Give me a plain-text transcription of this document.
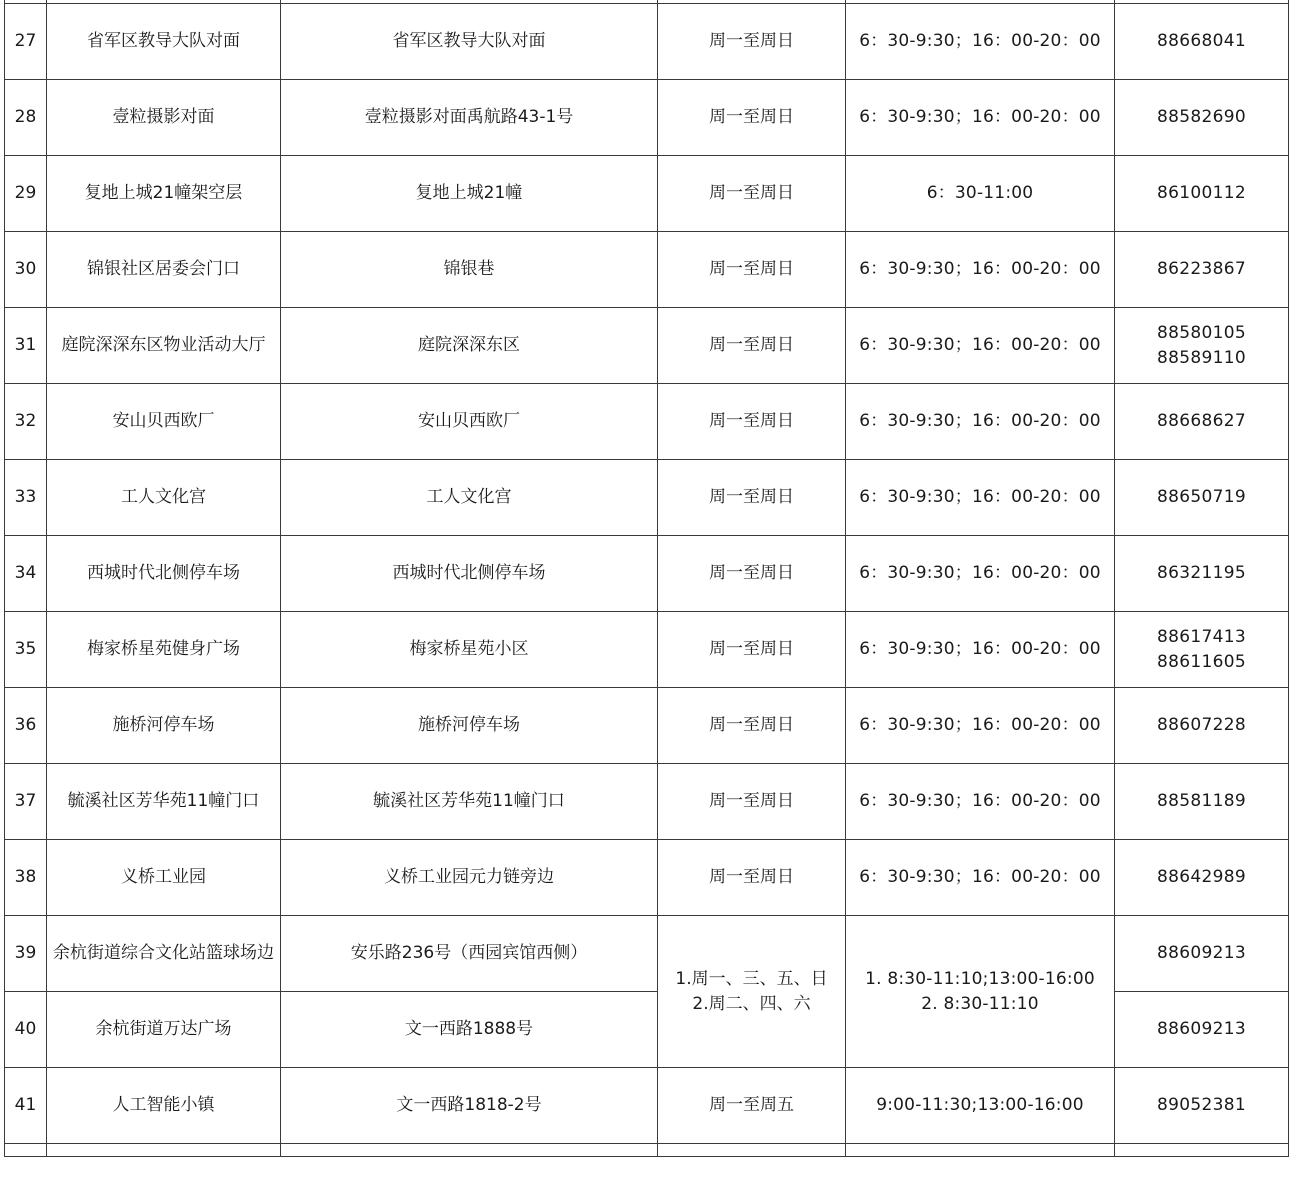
27	省军区教导大队对面	省军区教导大队对面	周一至周日	6：30-9:30；16：00-20：00	88668041

28	壹粒摄影对面	壹粒摄影对面禹航路43-1号	周一至周日	6：30-9:30；16：00-20：00	88582690

29	复地上城21幢架空层	复地上城21幢	周一至周日	6：30-11:00	86100112

30	锦银社区居委会门口	锦银巷	周一至周日	6：30-9:30；16：00-20：00	86223867

31	庭院深深东区物业活动大厅	庭院深深东区	周一至周日	6：30-9:30；16：00-20：00	88580105
88589110

32	安山贝西欧厂	安山贝西欧厂	周一至周日	6：30-9:30；16：00-20：00	88668627

33	工人文化宫	工人文化宫	周一至周日	6：30-9:30；16：00-20：00	88650719

34	西城时代北侧停车场	西城时代北侧停车场	周一至周日	6：30-9:30；16：00-20：00	86321195

35	梅家桥星苑健身广场	梅家桥星苑小区	周一至周日	6：30-9:30；16：00-20：00	88617413
88611605

36	施桥河停车场	施桥河停车场	周一至周日	6：30-9:30；16：00-20：00	88607228

37	毓溪社区芳华苑11幢门口	毓溪社区芳华苑11幢门口	周一至周日	6：30-9:30；16：00-20：00	88581189

38	义桥工业园	义桥工业园元力链旁边	周一至周日	6：30-9:30；16：00-20：00	88642989

39	余杭街道综合文化站篮球场边	安乐路236号（西园宾馆西侧）	1.周一、三、五、日
2.周二、四、六	1. 8:30-11:10;13:00-16:00
2. 8:30-11:10	88609213
40	余杭街道万达广场	文一西路1888号			88609213
41	人工智能小镇	文一西路1818-2号	周一至周五	9:00-11:30;13:00-16:00	89052381
